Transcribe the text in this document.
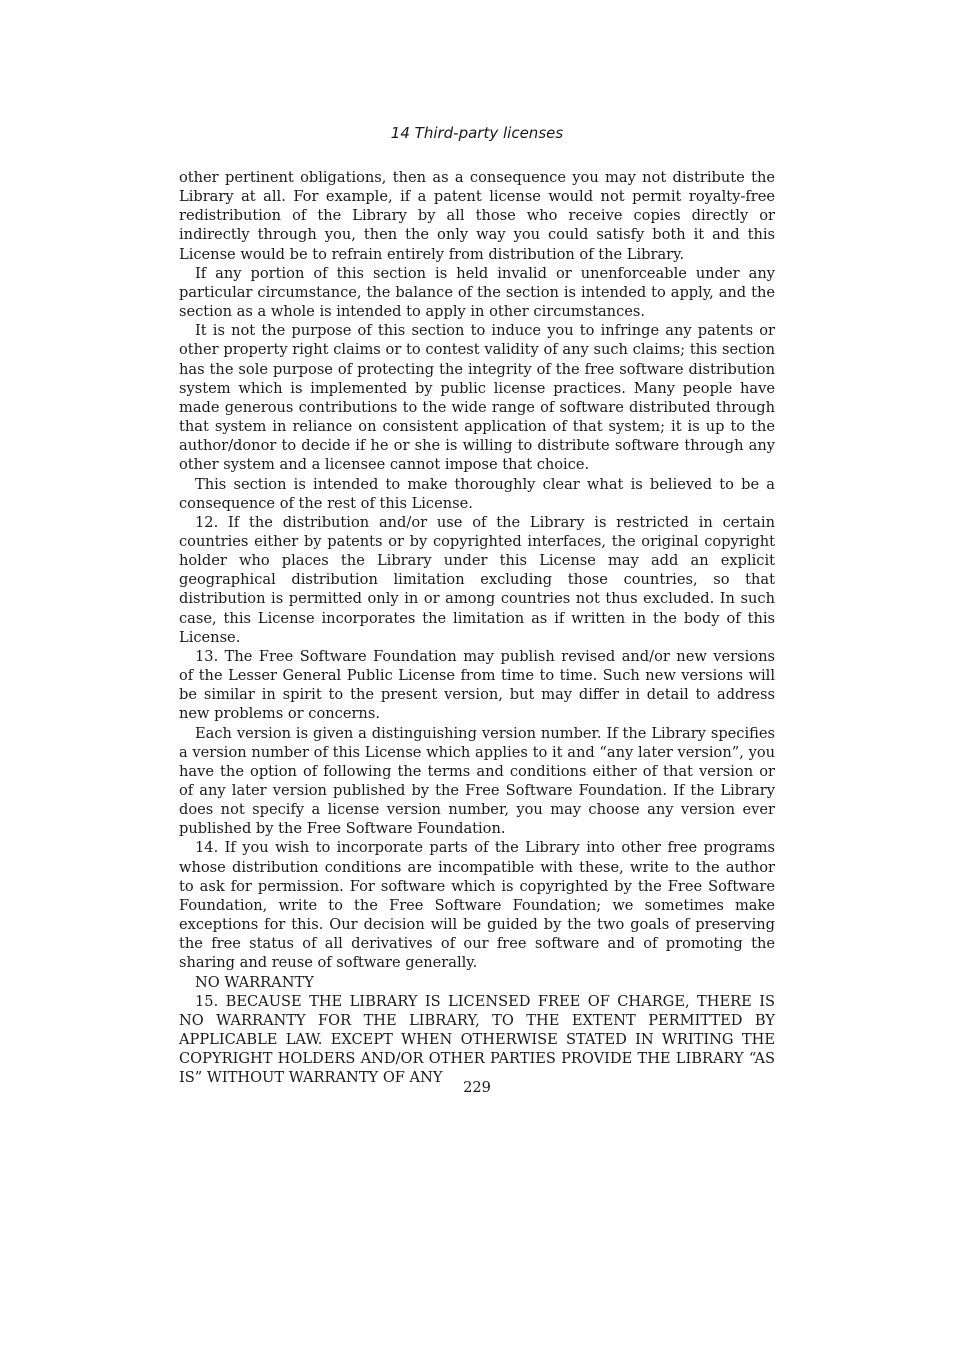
14 Third-party licenses

other pertinent obligations, then as a consequence you may not distribute the Library at all. For example, if a patent license would not permit royalty-free redistribution of the Library by all those who receive copies directly or indirectly through you, then the only way you could satisfy both it and this License would be to refrain entirely from distribution of the Library.

If any portion of this section is held invalid or unenforceable under any particular circumstance, the balance of the section is intended to apply, and the section as a whole is intended to apply in other circumstances.

It is not the purpose of this section to induce you to infringe any patents or other property right claims or to contest validity of any such claims; this section has the sole purpose of protecting the integrity of the free software distribution system which is implemented by public license practices. Many people have made generous contributions to the wide range of software distributed through that system in reliance on consistent application of that system; it is up to the author/donor to decide if he or she is willing to distribute software through any other system and a licensee cannot impose that choice.

This section is intended to make thoroughly clear what is believed to be a consequence of the rest of this License.

12. If the distribution and/or use of the Library is restricted in certain countries either by patents or by copyrighted interfaces, the original copyright holder who places the Library under this License may add an explicit geographical distribution limitation excluding those countries, so that distribution is permitted only in or among countries not thus excluded. In such case, this License incorporates the limitation as if written in the body of this License.

13. The Free Software Foundation may publish revised and/or new versions of the Lesser General Public License from time to time. Such new versions will be similar in spirit to the present version, but may differ in detail to address new problems or concerns.

Each version is given a distinguishing version number. If the Library specifies a version number of this License which applies to it and “any later version”, you have the option of following the terms and conditions either of that version or of any later version published by the Free Software Foundation. If the Library does not specify a license version number, you may choose any version ever published by the Free Software Foundation.

14. If you wish to incorporate parts of the Library into other free programs whose distribution conditions are incompatible with these, write to the author to ask for permission. For software which is copyrighted by the Free Software Foundation, write to the Free Software Foundation; we sometimes make exceptions for this. Our decision will be guided by the two goals of preserving the free status of all derivatives of our free software and of promoting the sharing and reuse of software generally.

NO WARRANTY

15. BECAUSE THE LIBRARY IS LICENSED FREE OF CHARGE, THERE IS NO WARRANTY FOR THE LIBRARY, TO THE EXTENT PERMITTED BY APPLICABLE LAW. EXCEPT WHEN OTHERWISE STATED IN WRITING THE COPYRIGHT HOLDERS AND/OR OTHER PARTIES PROVIDE THE LIBRARY “AS IS” WITHOUT WARRANTY OF ANY

229
